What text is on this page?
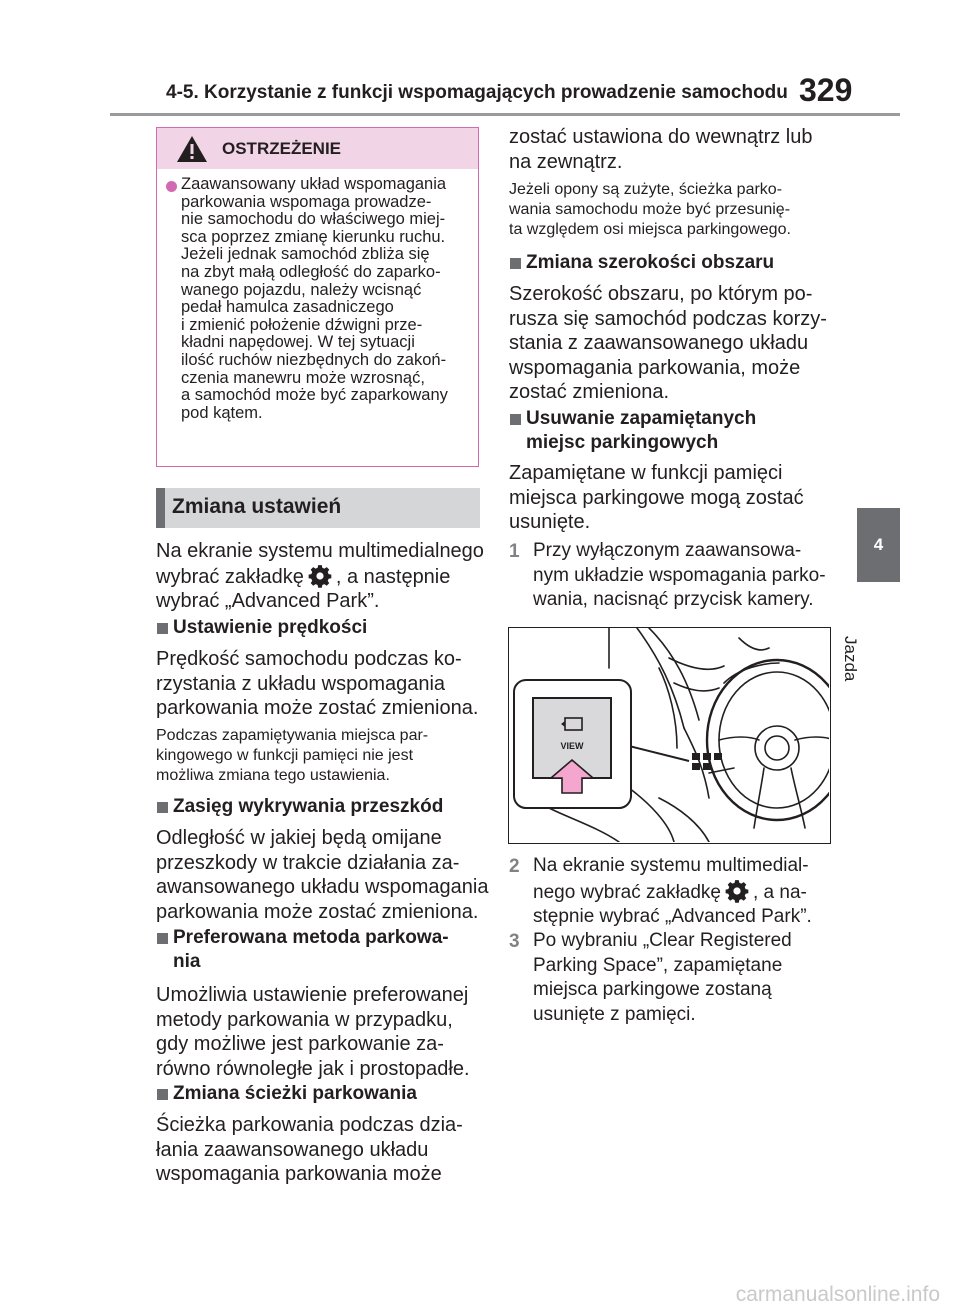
4-5. Korzystanie z funkcji wspomagających prowadzenie samochodu 329
4
Jazda
OSTRZEŻENIE
Zaawansowany układ wspomagania
parkowania wspomaga prowadze-
nie samochodu do właściwego miej-
sca poprzez zmianę kierunku ruchu.
Jeżeli jednak samochód zbliża się
na zbyt małą odległość do zaparko-
wanego pojazdu, należy wcisnąć
pedał hamulca zasadniczego
i zmienić położenie dźwigni prze-
kładni napędowej. W tej sytuacji
ilość ruchów niezbędnych do zakoń-
czenia manewru może wzrosnąć,
a samochód może być zaparkowany
pod kątem.
Zmiana ustawień
Na ekranie systemu multimedialnego
wybrać zakładkę , a następnie
wybrać „Advanced Park”.
Ustawienie prędkości
Prędkość samochodu podczas ko-
rzystania z układu wspomagania
parkowania może zostać zmieniona.
Podczas zapamiętywania miejsca par-
kingowego w funkcji pamięci nie jest
możliwa zmiana tego ustawienia.
Zasięg wykrywania przeszkód
Odległość w jakiej będą omijane
przeszkody w trakcie działania za-
awansowanego układu wspomagania
parkowania może zostać zmieniona.
Preferowana metoda parkowa-
nia
Umożliwia ustawienie preferowanej
metody parkowania w przypadku,
gdy możliwe jest parkowanie za-
równo równoległe jak i prostopadłe.
Zmiana ścieżki parkowania
Ścieżka parkowania podczas dzia-
łania zaawansowanego układu
wspomagania parkowania może
zostać ustawiona do wewnątrz lub
na zewnątrz.
Jeżeli opony są zużyte, ścieżka parko-
wania samochodu może być przesunię-
ta względem osi miejsca parkingowego.
Zmiana szerokości obszaru
Szerokość obszaru, po którym po-
rusza się samochód podczas korzy-
stania z zaawansowanego układu
wspomagania parkowania, może
zostać zmieniona.
Usuwanie zapamiętanych
miejsc parkingowych
Zapamiętane w funkcji pamięci
miejsca parkingowe mogą zostać
usunięte.
1 Przy wyłączonym zaawansowa-
nym układzie wspomagania parko-
wania, nacisnąć przycisk kamery.
VIEW
2 Na ekranie systemu multimedial-
nego wybrać zakładkę , a na-
stępnie wybrać „Advanced Park”.
3 Po wybraniu „Clear Registered
Parking Space”, zapamiętane
miejsca parkingowe zostaną
usunięte z pamięci.
carmanualsonline.info
